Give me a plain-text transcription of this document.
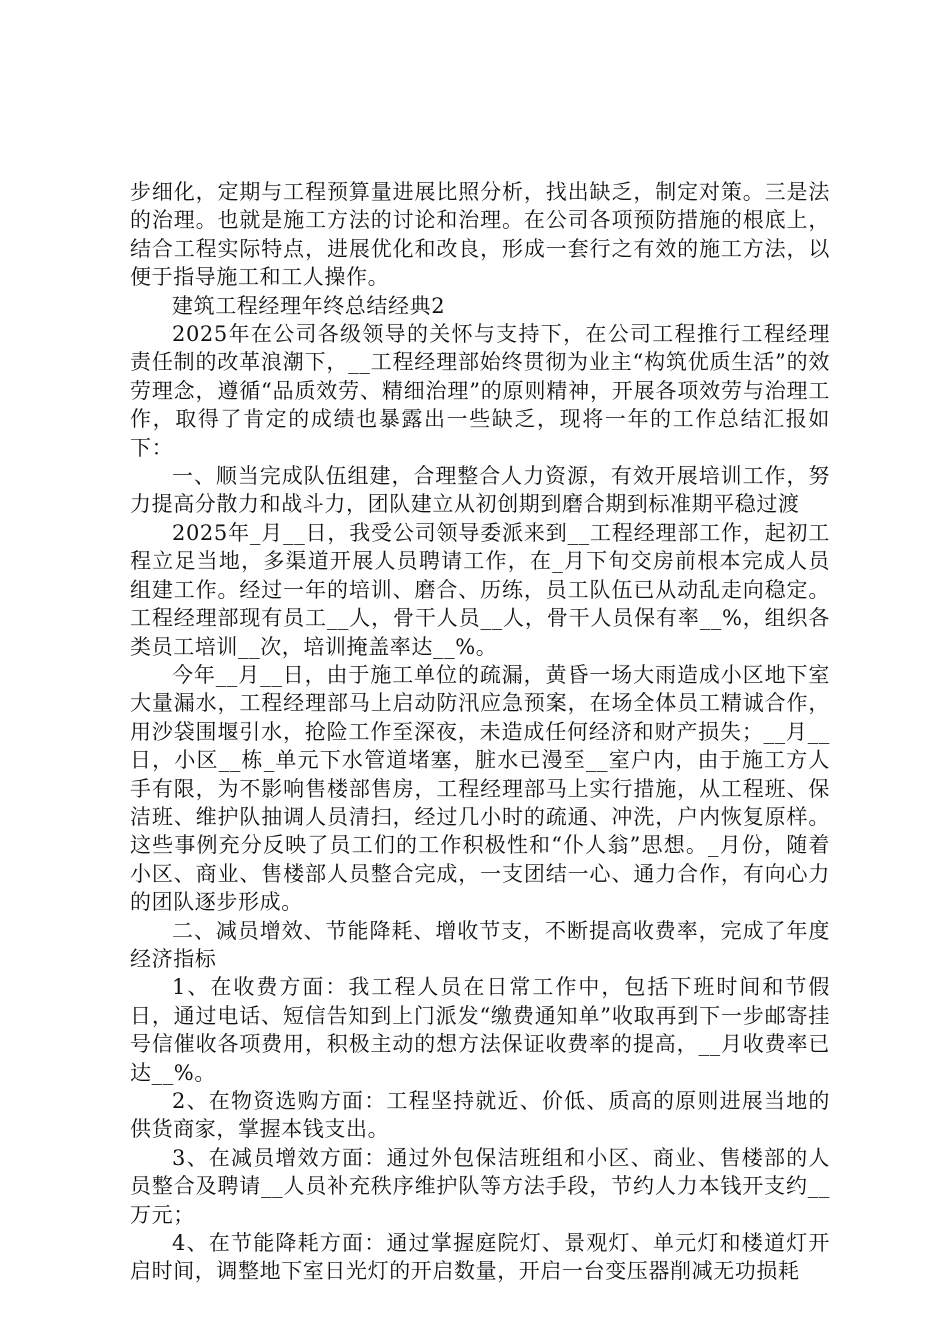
步细化，定期与工程预算量进展比照分析，找出缺乏，制定对策。三是法的治理。也就是施工方法的讨论和治理。在公司各项预防措施的根底上，结合工程实际特点，进展优化和改良，形成一套行之有效的施工方法，以便于指导施工和工人操作。

建筑工程经理年终总结经典2

2025年在公司各级领导的关怀与支持下，在公司工程推行工程经理责任制的改革浪潮下，__工程经理部始终贯彻为业主“构筑优质生活”的效劳理念，遵循“品质效劳、精细治理”的原则精神，开展各项效劳与治理工作，取得了肯定的成绩也暴露出一些缺乏，现将一年的工作总结汇报如下：

一、顺当完成队伍组建，合理整合人力资源，有效开展培训工作，努力提高分散力和战斗力，团队建立从初创期到磨合期到标准期平稳过渡

2025年_月__日，我受公司领导委派来到__工程经理部工作，起初工程立足当地，多渠道开展人员聘请工作，在_月下旬交房前根本完成人员组建工作。经过一年的培训、磨合、历练，员工队伍已从动乱走向稳定。工程经理部现有员工__人，骨干人员__人，骨干人员保有率__%，组织各类员工培训__次，培训掩盖率达__%。

今年__月__日，由于施工单位的疏漏，黄昏一场大雨造成小区地下室大量漏水，工程经理部马上启动防汛应急预案，在场全体员工精诚合作，用沙袋围堰引水，抢险工作至深夜，未造成任何经济和财产损失；__月__日，小区__栋_单元下水管道堵塞，脏水已漫至__室户内，由于施工方人手有限，为不影响售楼部售房，工程经理部马上实行措施，从工程班、保洁班、维护队抽调人员清扫，经过几小时的疏通、冲洗，户内恢复原样。这些事例充分反映了员工们的工作积极性和“仆人翁”思想。_月份，随着小区、商业、售楼部人员整合完成，一支团结一心、通力合作，有向心力的团队逐步形成。

二、减员增效、节能降耗、增收节支，不断提高收费率，完成了年度经济指标

1、在收费方面：我工程人员在日常工作中，包括下班时间和节假日，通过电话、短信告知到上门派发“缴费通知单”收取再到下一步邮寄挂号信催收各项费用，积极主动的想方法保证收费率的提高，__月收费率已达__%。

2、在物资选购方面：工程坚持就近、价低、质高的原则进展当地的供货商家，掌握本钱支出。

3、在减员增效方面：通过外包保洁班组和小区、商业、售楼部的人员整合及聘请__人员补充秩序维护队等方法手段，节约人力本钱开支约__万元；

4、在节能降耗方面：通过掌握庭院灯、景观灯、单元灯和楼道灯开启时间，调整地下室日光灯的开启数量，开启一台变压器削减无功损耗
